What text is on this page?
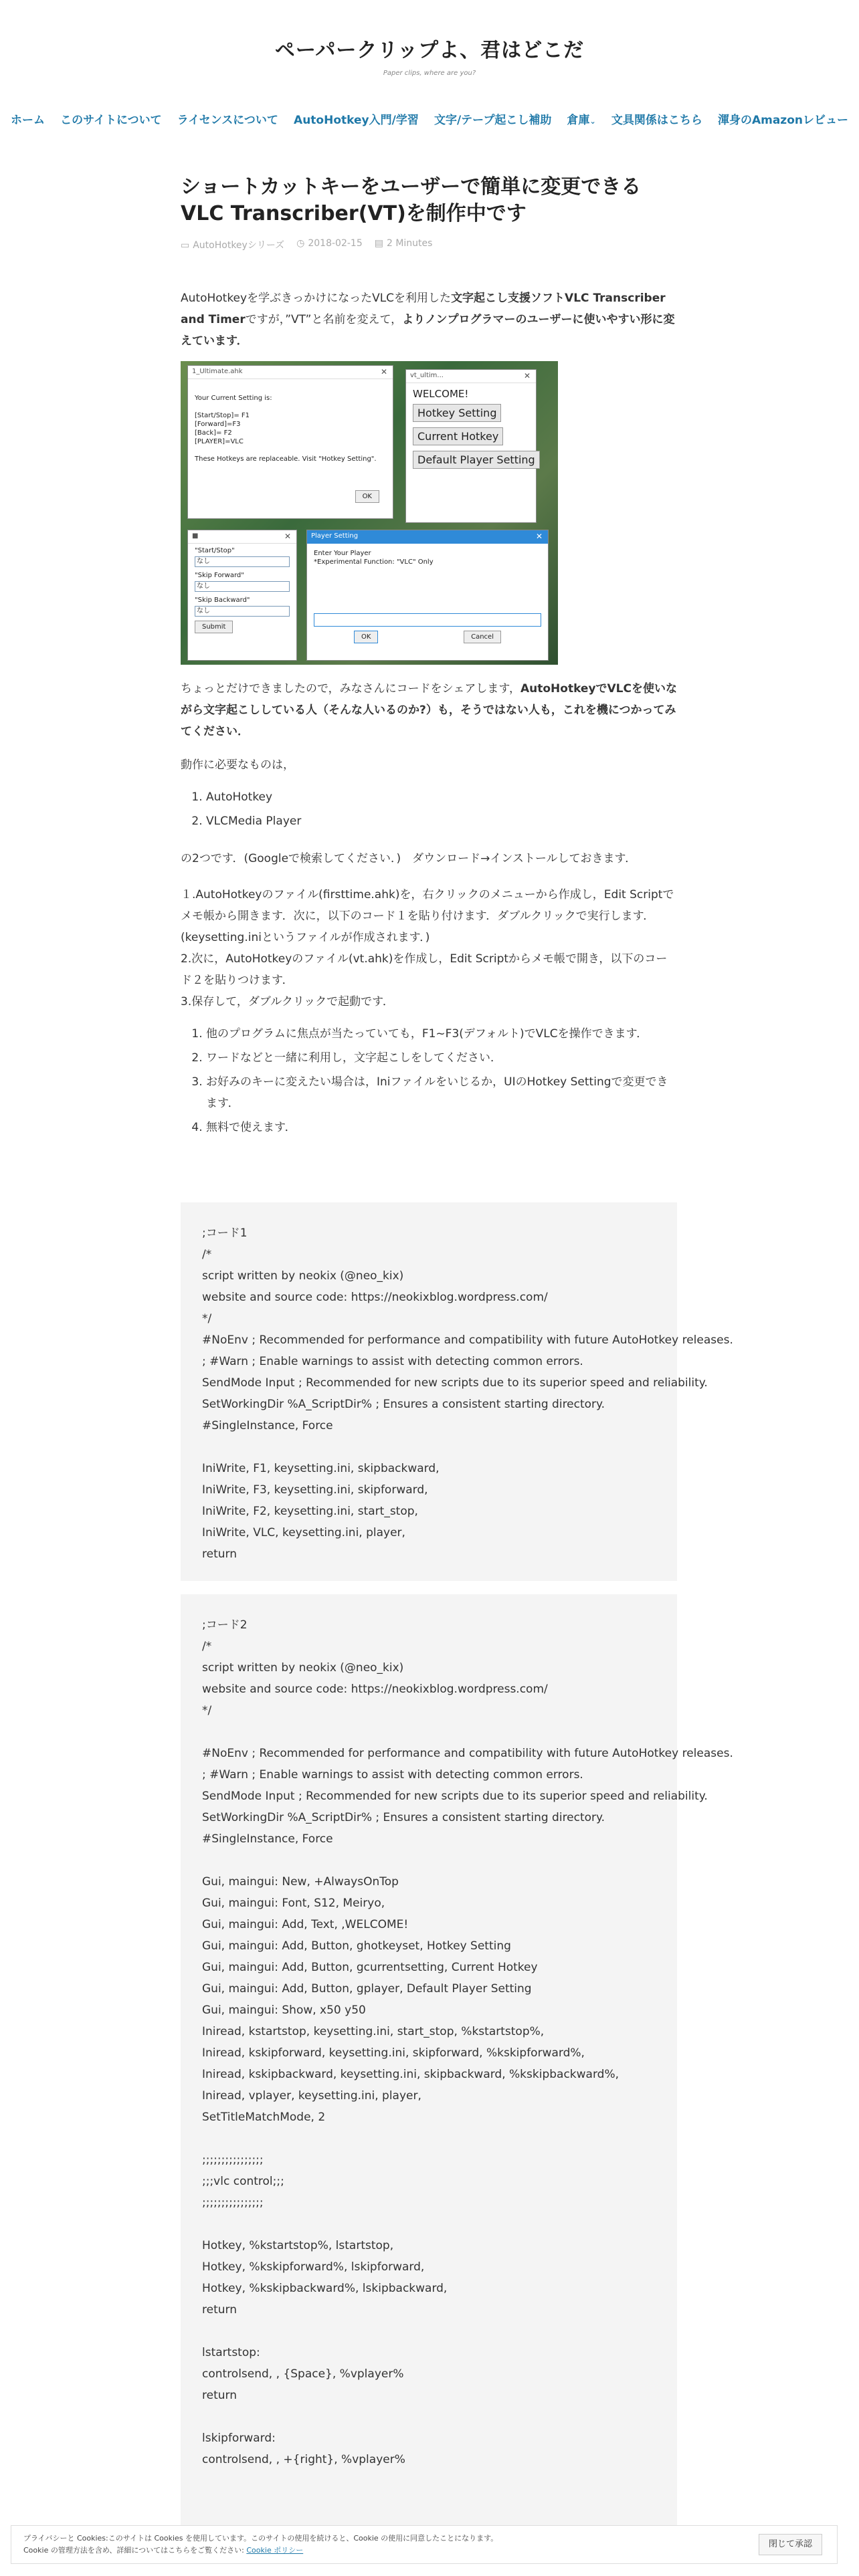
ペーパークリップよ、君はどこだ
Paper clips, where are you?
ホーム このサイトについて ライセンスについて AutoHotkey入門/学習 文字/テープ起こし補助 倉庫⌄ 文具関係はこちら 渾身のAmazonレビュー
ショートカットキーをユーザーで簡単に変更できるVLC Transcriber(VT)を制作中です
▭ AutoHotkeyシリーズ ◷ 2018-02-15 ▤ 2 Minutes

AutoHotkeyを学ぶきっかけになったVLCを利用した文字起こし支援ソフトVLC Transcriber and Timerですが，”VT”と名前を変えて，よりノンプログラマーのユーザーに使いやすい形に変えています．

1_Ultimate.ahk	✕
Your Current Setting is:
[Start/Stop]= F1
[Forward]=F3
[Back]= F2
[PLAYER]=VLC
These Hotkeys are replaceable. Visit "Hotkey Setting".
OK
vt_ultim...	✕
WELCOME!
Hotkey Setting
Current Hotkey
Default Player Setting
■	✕
"Start/Stop"
なし
"Skip Forward"
なし
"Skip Backward"
なし
Submit
Player Setting	✕
Enter Your Player
*Experimental Function: "VLC" Only
OK	Cancel

ちょっとだけできましたので，みなさんにコードをシェアします，AutoHotkeyでVLCを使いながら文字起こししている人（そんな人いるのか?）も，そうではない人も，これを機につかってみてください．

動作に必要なものは，

1. AutoHotkey
2. VLCMedia Player

の2つです．(Googleで検索してください．)　ダウンロード→インストールしておきます．

１.AutoHotkeyのファイル(firsttime.ahk)を，右クリックのメニューから作成し，Edit Scriptでメモ帳から開きます．次に，以下のコード１を貼り付けます．ダブルクリックで実行します．(keysetting.iniというファイルが作成されます．)

2.次に，AutoHotkeyのファイル(vt.ahk)を作成し，Edit Scriptからメモ帳で開き，以下のコード２を貼りつけます．

3.保存して，ダブルクリックで起動です．

1. 他のプログラムに焦点が当たっていても，F1~F3(デフォルト)でVLCを操作できます．
2. ワードなどと一緒に利用し，文字起こしをしてください．
3. お好みのキーに変えたい場合は，Iniファイルをいじるか，UIのHotkey Settingで変更できます．
4. 無料で使えます．
;コード1
/*
script written by neokix (@neo_kix)
website and source code: https://neokixblog.wordpress.com/
*/
#NoEnv ; Recommended for performance and compatibility with future AutoHotkey releases.
; #Warn ; Enable warnings to assist with detecting common errors.
SendMode Input ; Recommended for new scripts due to its superior speed and reliability.
SetWorkingDir %A_ScriptDir% ; Ensures a consistent starting directory.
#SingleInstance, Force
IniWrite, F1, keysetting.ini, skipbackward,
IniWrite, F3, keysetting.ini, skipforward,
IniWrite, F2, keysetting.ini, start_stop,
IniWrite, VLC, keysetting.ini, player,
return
;コード2
/*
script written by neokix (@neo_kix)
website and source code: https://neokixblog.wordpress.com/
*/
#NoEnv ; Recommended for performance and compatibility with future AutoHotkey releases.
; #Warn ; Enable warnings to assist with detecting common errors.
SendMode Input ; Recommended for new scripts due to its superior speed and reliability.
SetWorkingDir %A_ScriptDir% ; Ensures a consistent starting directory.
#SingleInstance, Force
Gui, maingui: New, +AlwaysOnTop
Gui, maingui: Font, S12, Meiryo,
Gui, maingui: Add, Text, ,WELCOME!
Gui, maingui: Add, Button, ghotkeyset, Hotkey Setting
Gui, maingui: Add, Button, gcurrentsetting, Current Hotkey
Gui, maingui: Add, Button, gplayer, Default Player Setting
Gui, maingui: Show, x50 y50
Iniread, kstartstop, keysetting.ini, start_stop, %kstartstop%,
Iniread, kskipforward, keysetting.ini, skipforward, %kskipforward%,
Iniread, kskipbackward, keysetting.ini, skipbackward, %kskipbackward%,
Iniread, vplayer, keysetting.ini, player,
SetTitleMatchMode, 2
;;;;;;;;;;;;;;;;
;;;vlc control;;;
;;;;;;;;;;;;;;;;
Hotkey, %kstartstop%, lstartstop,
Hotkey, %kskipforward%, lskipforward,
Hotkey, %kskipbackward%, lskipbackward,
return
lstartstop:
controlsend, , {Space}, %vplayer%
return
lskipforward:
controlsend, , +{right}, %vplayer%
プライバシーと Cookies:このサイトは Cookies を使用しています。このサイトの使用を続けると、Cookie の使用に同意したことになります。
Cookie の管理方法を含め、詳細についてはこちらをご覧ください: Cookie ポリシー
閉じて承認
